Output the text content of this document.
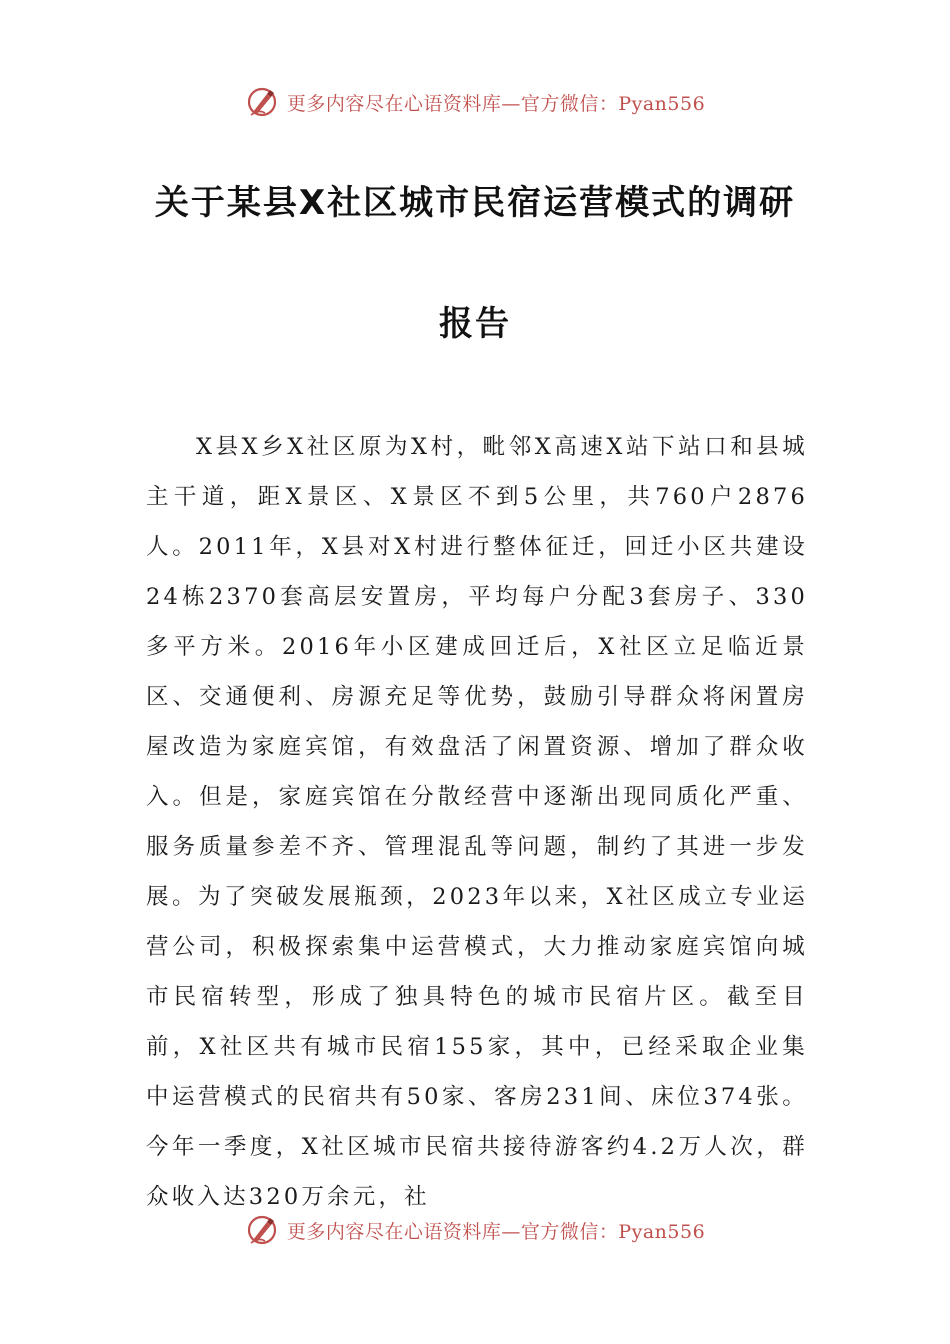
更多内容尽在心语资料库—官方微信：Pyan556
关于某县X社区城市民宿运营模式的调研
报告

X县X乡X社区原为X村，毗邻X高速X站下站口和县城主干道，距X景区、X景区不到5公里，共760户2876人。2011年，X县对X村进行整体征迁，回迁小区共建设24栋2370套高层安置房，平均每户分配3套房子、330多平方米。2016年小区建成回迁后，X社区立足临近景区、交通便利、房源充足等优势，鼓励引导群众将闲置房屋改造为家庭宾馆，有效盘活了闲置资源、增加了群众收入。但是，家庭宾馆在分散经营中逐渐出现同质化严重、服务质量参差不齐、管理混乱等问题，制约了其进一步发展。为了突破发展瓶颈，2023年以来，X社区成立专业运营公司，积极探索集中运营模式，大力推动家庭宾馆向城市民宿转型，形成了独具特色的城市民宿片区。截至目前，X社区共有城市民宿155家，其中，已经采取企业集中运营模式的民宿共有50家、客房231间、床位374张。今年一季度，X社区城市民宿共接待游客约4.2万人次，群众收入达320万余元，社

更多内容尽在心语资料库—官方微信：Pyan556
